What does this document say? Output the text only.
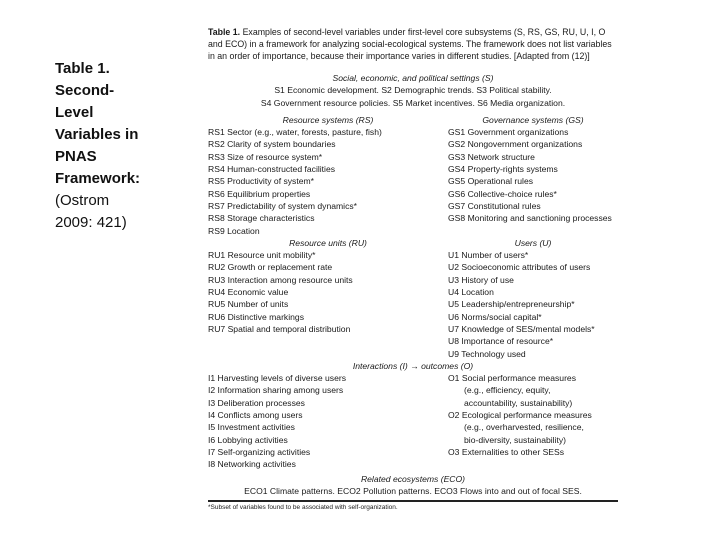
Table 1.
Second-
Level
Variables in
PNAS
Framework:
(Ostrom
2009: 421)
Table 1. Examples of second-level variables under first-level core subsystems (S, RS, GS, RU, U, I, O and ECO) in a framework for analyzing social-ecological systems. The framework does not list variables in an order of importance, because their importance varies in different studies. [Adapted from (12)]
Social, economic, and political settings (S)
S1 Economic development. S2 Demographic trends. S3 Political stability.
S4 Government resource policies. S5 Market incentives. S6 Media organization.
Resource systems (RS)
RS1 Sector (e.g., water, forests, pasture, fish)
RS2 Clarity of system boundaries
RS3 Size of resource system*
RS4 Human-constructed facilities
RS5 Productivity of system*
RS6 Equilibrium properties
RS7 Predictability of system dynamics*
RS8 Storage characteristics
RS9 Location
Governance systems (GS)
GS1 Government organizations
GS2 Nongovernment organizations
GS3 Network structure
GS4 Property-rights systems
GS5 Operational rules
GS6 Collective-choice rules*
GS7 Constitutional rules
GS8 Monitoring and sanctioning processes
Resource units (RU)
RU1 Resource unit mobility*
RU2 Growth or replacement rate
RU3 Interaction among resource units
RU4 Economic value
RU5 Number of units
RU6 Distinctive markings
RU7 Spatial and temporal distribution
Users (U)
U1 Number of users*
U2 Socioeconomic attributes of users
U3 History of use
U4 Location
U5 Leadership/entrepreneurship*
U6 Norms/social capital*
U7 Knowledge of SES/mental models*
U8 Importance of resource*
U9 Technology used
Interactions (I) → outcomes (O)
I1 Harvesting levels of diverse users
I2 Information sharing among users
I3 Deliberation processes
I4 Conflicts among users
I5 Investment activities
I6 Lobbying activities
I7 Self-organizing activities
I8 Networking activities
O1 Social performance measures
(e.g., efficiency, equity,
accountability, sustainability)
O2 Ecological performance measures
(e.g., overharvested, resilience,
bio-diversity, sustainability)
O3 Externalities to other SESs
Related ecosystems (ECO)
ECO1 Climate patterns. ECO2 Pollution patterns. ECO3 Flows into and out of focal SES.
*Subset of variables found to be associated with self-organization.
